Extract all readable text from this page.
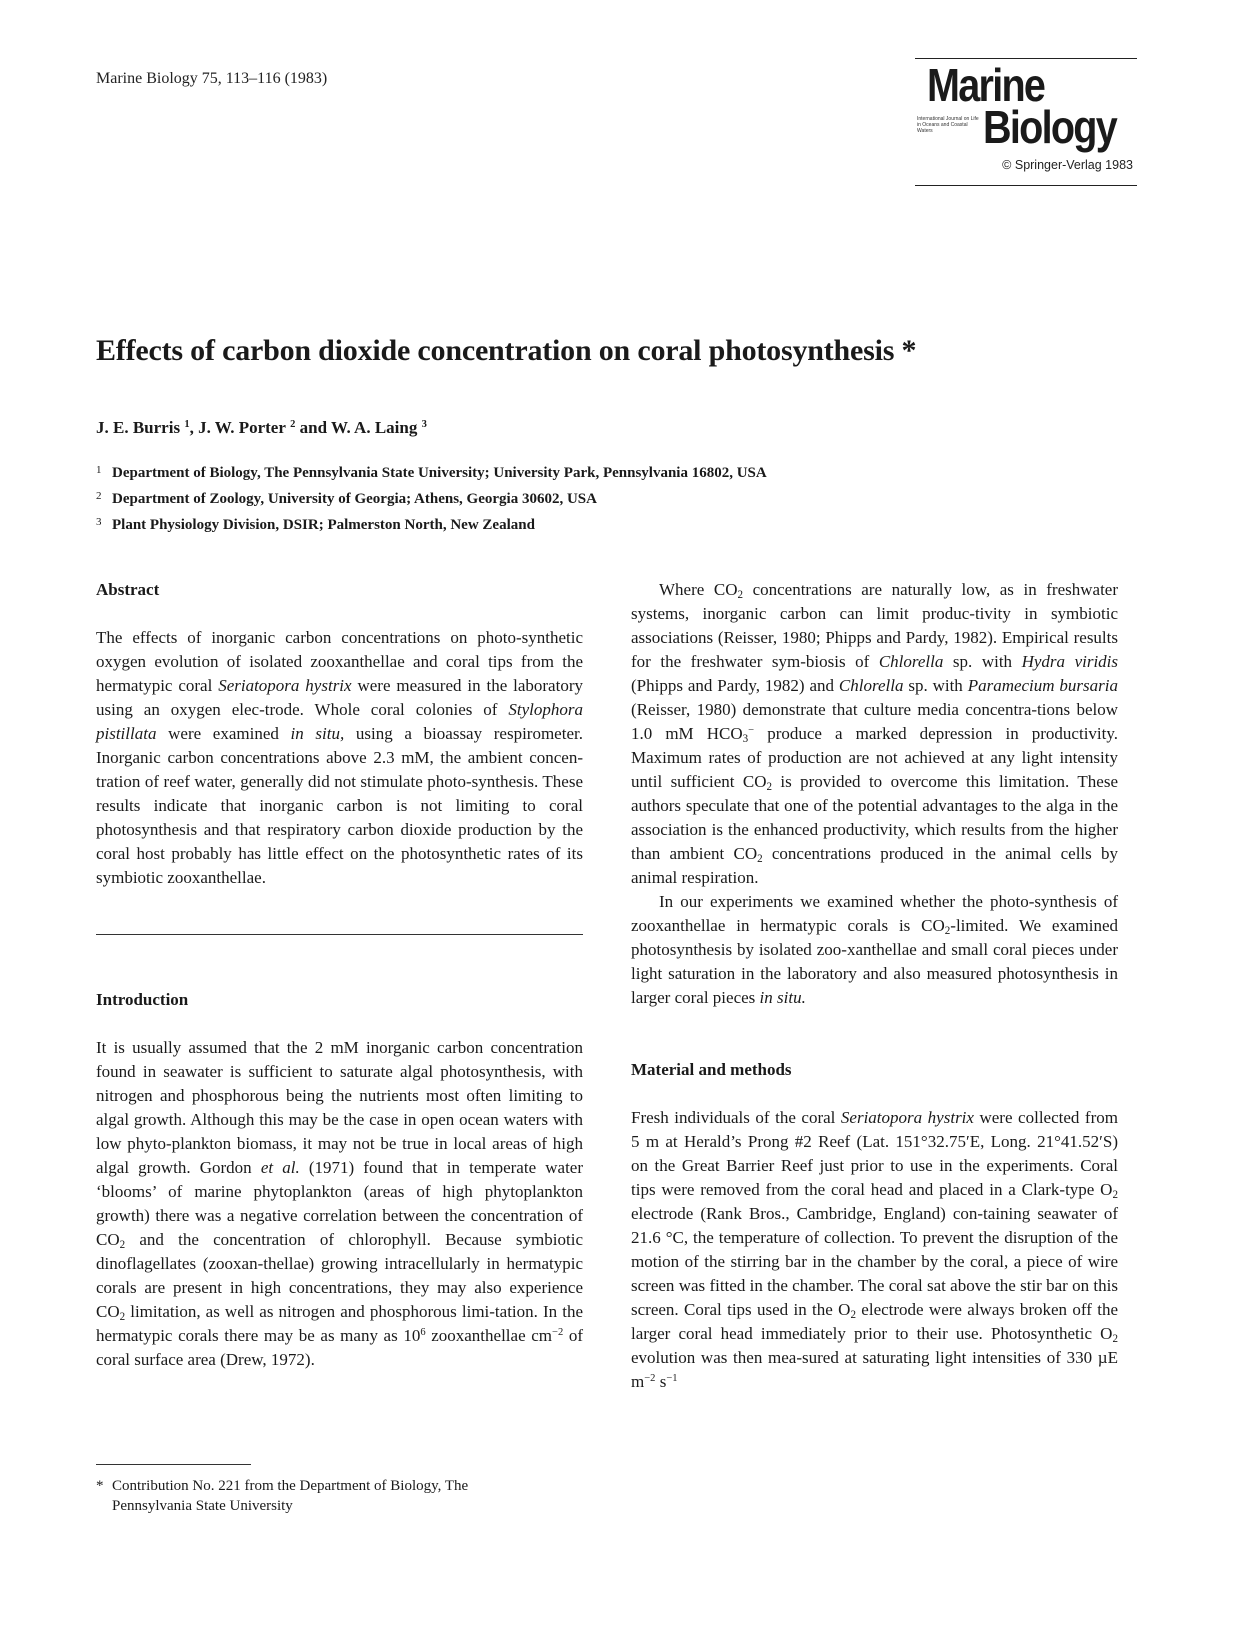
Marine Biology 75, 113–116 (1983)	Marine
International Journal on Life in Oceans and Coastal Waters	Biology
© Springer-Verlag 1983
Effects of carbon dioxide concentration on coral photosynthesis *
J. E. Burris $^1$, J. W. Porter $^2$ and W. A. Laing $^3$
1 Department of Biology, The Pennsylvania State University; University Park, Pennsylvania 16802, USA
2 Department of Zoology, University of Georgia; Athens, Georgia 30602, USA
3 Plant Physiology Division, DSIR; Palmerston North, New Zealand
Abstract

The effects of inorganic carbon concentrations on photo-synthetic oxygen evolution of isolated zooxanthellae and coral tips from the hermatypic coral Seriatopora hystrix were measured in the laboratory using an oxygen elec-trode. Whole coral colonies of Stylophora pistillata were examined in situ, using a bioassay respirometer. Inorganic carbon concentrations above 2.3 mM, the ambient concen-tration of reef water, generally did not stimulate photo-synthesis. These results indicate that inorganic carbon is not limiting to coral photosynthesis and that respiratory carbon dioxide production by the coral host probably has little effect on the photosynthetic rates of its symbiotic zooxanthellae.

Introduction

It is usually assumed that the 2 mM inorganic carbon concentration found in seawater is sufficient to saturate algal photosynthesis, with nitrogen and phosphorous being the nutrients most often limiting to algal growth. Although this may be the case in open ocean waters with low phyto-plankton biomass, it may not be true in local areas of high algal growth. Gordon et al. (1971) found that in temperate water ‘blooms’ of marine phytoplankton (areas of high phytoplankton growth) there was a negative correlation between the concentration of $CO_2$ and the concentration of chlorophyll. Because symbiotic dinoflagellates (zooxan-thellae) growing intracellularly in hermatypic corals are present in high concentrations, they may also experience $CO_2$ limitation, as well as nitrogen and phosphorous limi-tation. In the hermatypic corals there may be as many as $10^6$ zooxanthellae $cm^{-2}$ of coral surface area (Drew, 1972).

* Contribution No. 221 from the Department of Biology, The
Pennsylvania State University

Where $CO_2$ concentrations are naturally low, as in freshwater systems, inorganic carbon can limit produc-tivity in symbiotic associations (Reisser, 1980; Phipps and Pardy, 1982). Empirical results for the freshwater sym-biosis of Chlorella sp. with Hydra viridis (Phipps and Pardy, 1982) and Chlorella sp. with Paramecium bursaria (Reisser, 1980) demonstrate that culture media concentra-tions below 1.0 mM $HCO_3^-$ produce a marked depression in productivity. Maximum rates of production are not achieved at any light intensity until sufficient $CO_2$ is provided to overcome this limitation. These authors speculate that one of the potential advantages to the alga in the association is the enhanced productivity, which results from the higher than ambient $CO_2$ concentrations produced in the animal cells by animal respiration.

In our experiments we examined whether the photo-synthesis of zooxanthellae in hermatypic corals is $CO_2$-limited. We examined photosynthesis by isolated zoo-xanthellae and small coral pieces under light saturation in the laboratory and also measured photosynthesis in larger coral pieces in situ.

Material and methods

Fresh individuals of the coral Seriatopora hystrix were collected from 5 m at Herald’s Prong #2 Reef (Lat. 151°32.75′E, Long. 21°41.52′S) on the Great Barrier Reef just prior to use in the experiments. Coral tips were removed from the coral head and placed in a Clark-type $O_2$ electrode (Rank Bros., Cambridge, England) con-taining seawater of 21.6 °C, the temperature of collection. To prevent the disruption of the motion of the stirring bar in the chamber by the coral, a piece of wire screen was fitted in the chamber. The coral sat above the stir bar on this screen. Coral tips used in the $O_2$ electrode were always broken off the larger coral head immediately prior to their use. Photosynthetic $O_2$ evolution was then mea-sured at saturating light intensities of 330 µE $m^{-2}$ $s^{-1}$
